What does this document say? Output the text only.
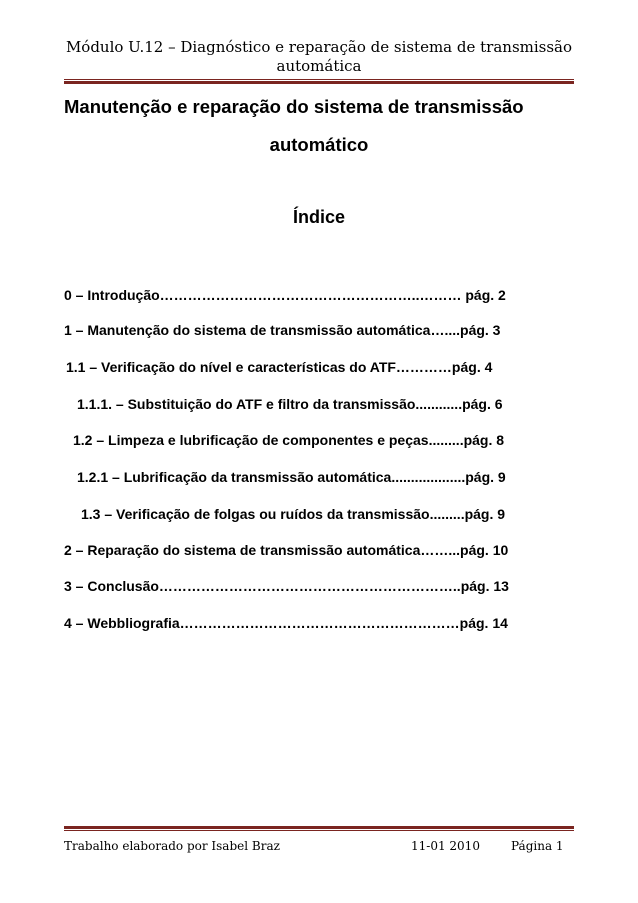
Módulo U.12 – Diagnóstico e reparação de sistema de transmissão
automática
Manutenção e reparação do sistema de transmissão
automático
Índice
0 – Introdução………………………………………………..……… pág. 2
1 – Manutenção do sistema de transmissão automática…....pág. 3
1.1 – Verificação do nível e características do ATF…………pág. 4
1.1.1. – Substituição do ATF e filtro da transmissão............pág. 6
1.2 – Limpeza e lubrificação de componentes e peças.........pág. 8
1.2.1 – Lubrificação da transmissão automática...................pág. 9
1.3 – Verificação de folgas ou ruídos da transmissão.........pág. 9
2 – Reparação do sistema de transmissão automática……...pág. 10
3 – Conclusão………………………………………………………..pág. 13
4 – Webbliografia……………………………………………………pág. 14
Trabalho elaborado por Isabel Braz	11-01 2010	Página 1
